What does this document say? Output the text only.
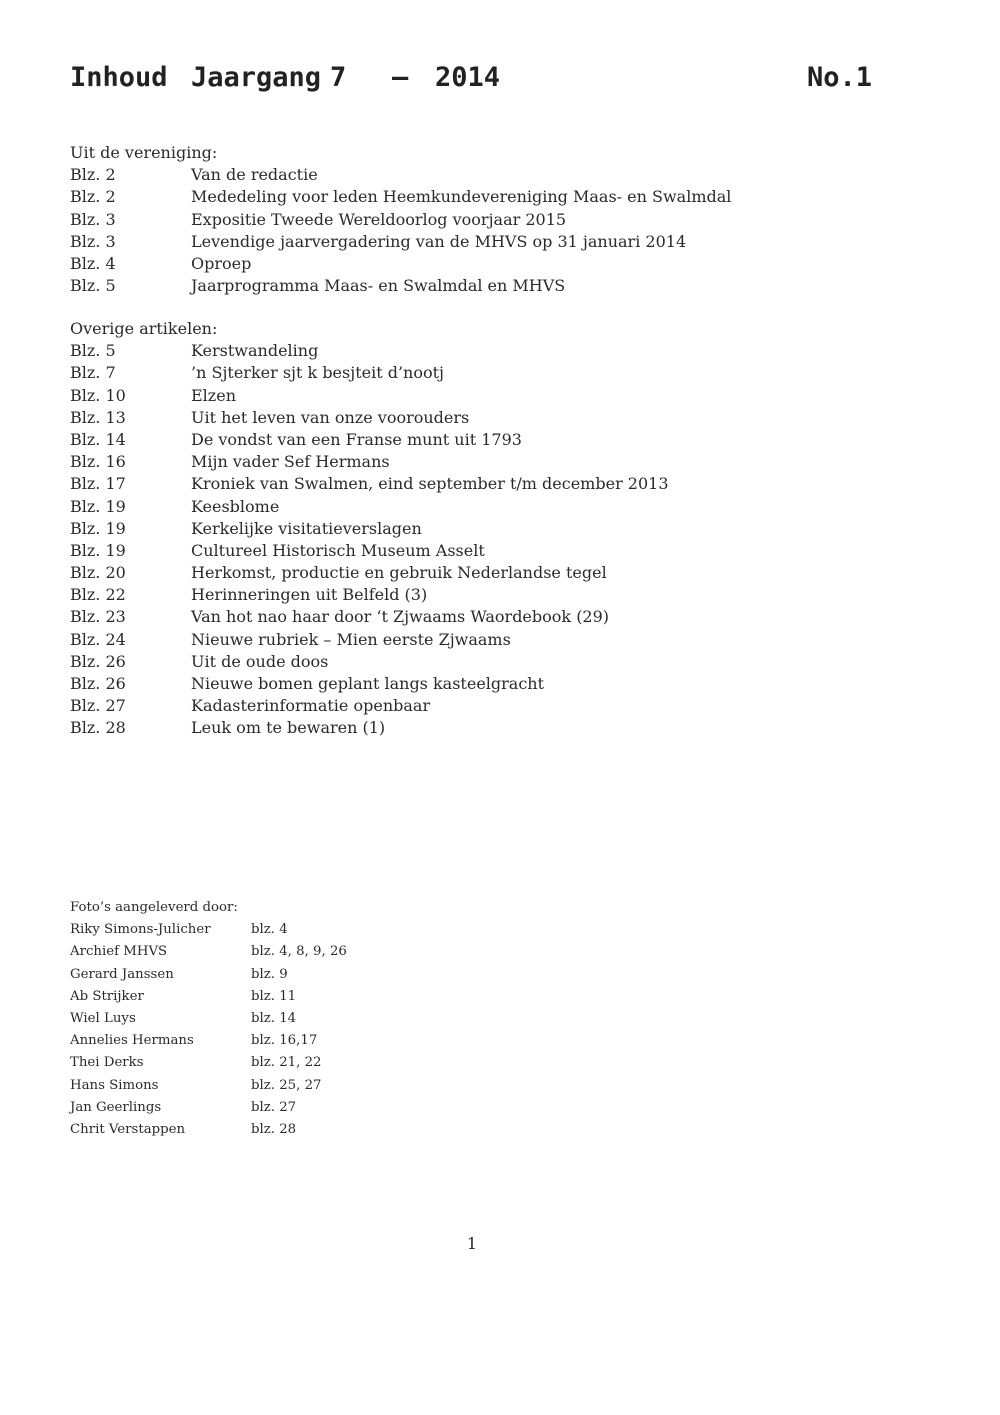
Inhoud Jaargang 7 – 2014	No.1
Uit de vereniging:
Blz. 2	Van de redactie
Blz. 2	Mededeling voor leden Heemkundevereniging Maas- en Swalmdal
Blz. 3	Expositie Tweede Wereldoorlog voorjaar 2015
Blz. 3	Levendige jaarvergadering van de MHVS op 31 januari 2014
Blz. 4	Oproep
Blz. 5	Jaarprogramma Maas- en Swalmdal en MHVS
Overige artikelen:
Blz. 5	Kerstwandeling
Blz. 7	’n Sjterker sjt k besjteit d’nootj
Blz. 10	Elzen
Blz. 13	Uit het leven van onze voorouders
Blz. 14	De vondst van een Franse munt uit 1793
Blz. 16	Mijn vader Sef Hermans
Blz. 17	Kroniek van Swalmen, eind september t/m december 2013
Blz. 19	Keesblome
Blz. 19	Kerkelijke visitatieverslagen
Blz. 19	Cultureel Historisch Museum Asselt
Blz. 20	Herkomst, productie en gebruik Nederlandse tegel
Blz. 22	Herinneringen uit Belfeld (3)
Blz. 23	Van hot nao haar door ‘t Zjwaams Waordebook (29)
Blz. 24	Nieuwe rubriek – Mien eerste Zjwaams
Blz. 26	Uit de oude doos
Blz. 26	Nieuwe bomen geplant langs kasteelgracht
Blz. 27	Kadasterinformatie openbaar
Blz. 28	Leuk om te bewaren (1)
Foto’s aangeleverd door:
Riky Simons-Julicher	blz. 4
Archief MHVS	blz. 4, 8, 9, 26
Gerard Janssen	blz. 9
Ab Strijker	blz. 11
Wiel Luys	blz. 14
Annelies Hermans	blz. 16,17
Thei Derks	blz. 21, 22
Hans Simons	blz. 25, 27
Jan Geerlings	blz. 27
Chrit Verstappen	blz. 28
1
